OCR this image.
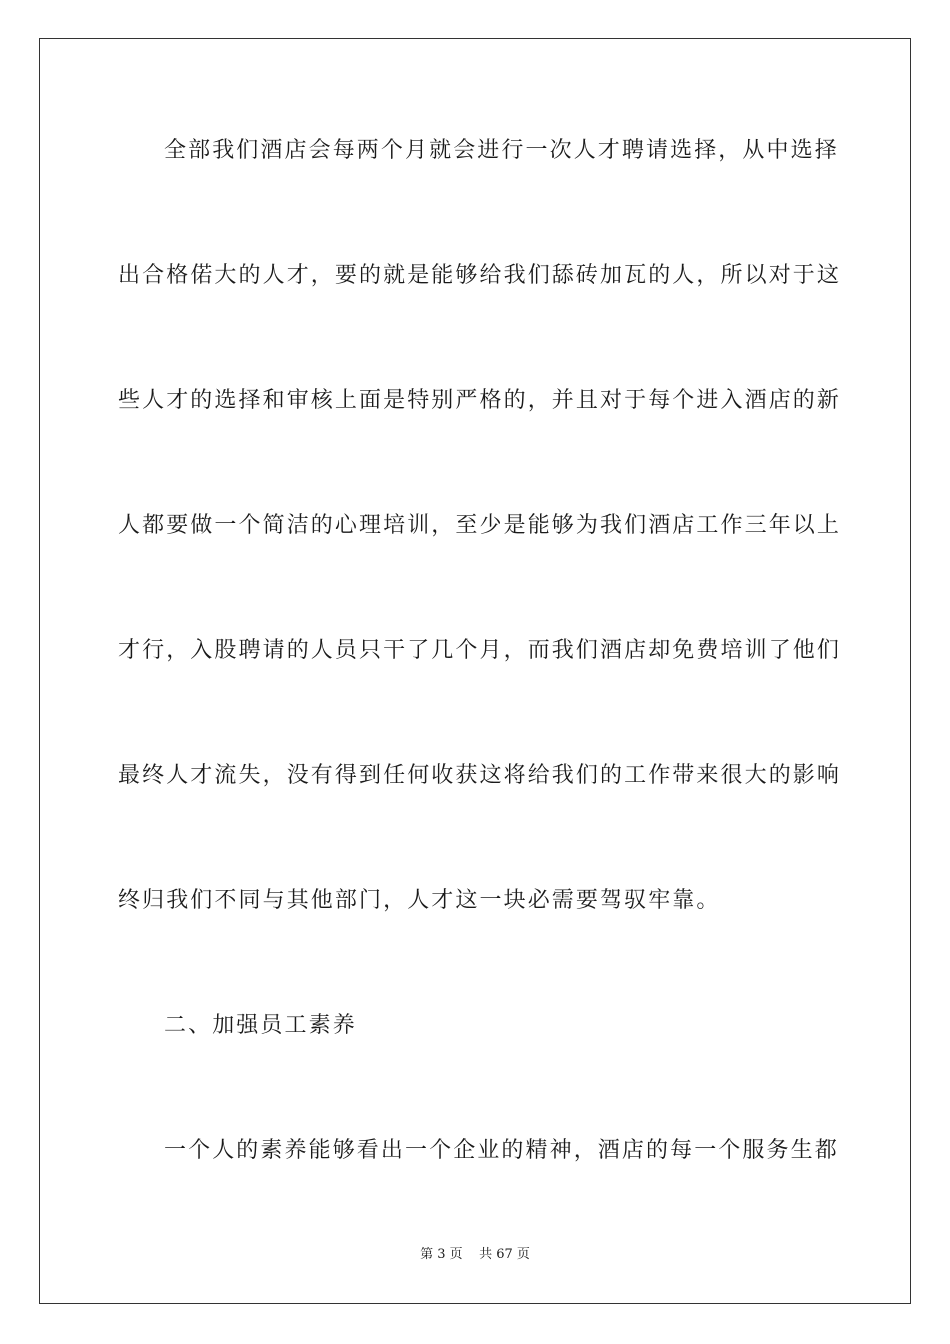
全部我们酒店会每两个月就会进行一次人才聘请选择，从中选择
出合格偌大的人才，要的就是能够给我们舔砖加瓦的人，所以对于这
些人才的选择和审核上面是特别严格的，并且对于每个进入酒店的新
人都要做一个简洁的心理培训，至少是能够为我们酒店工作三年以上
才行，入股聘请的人员只干了几个月，而我们酒店却免费培训了他们
最终人才流失，没有得到任何收获这将给我们的工作带来很大的影响
终归我们不同与其他部门，人才这一块必需要驾驭牢靠。
二、加强员工素养
一个人的素养能够看出一个企业的精神，酒店的每一个服务生都
第 3 页    共 67 页
